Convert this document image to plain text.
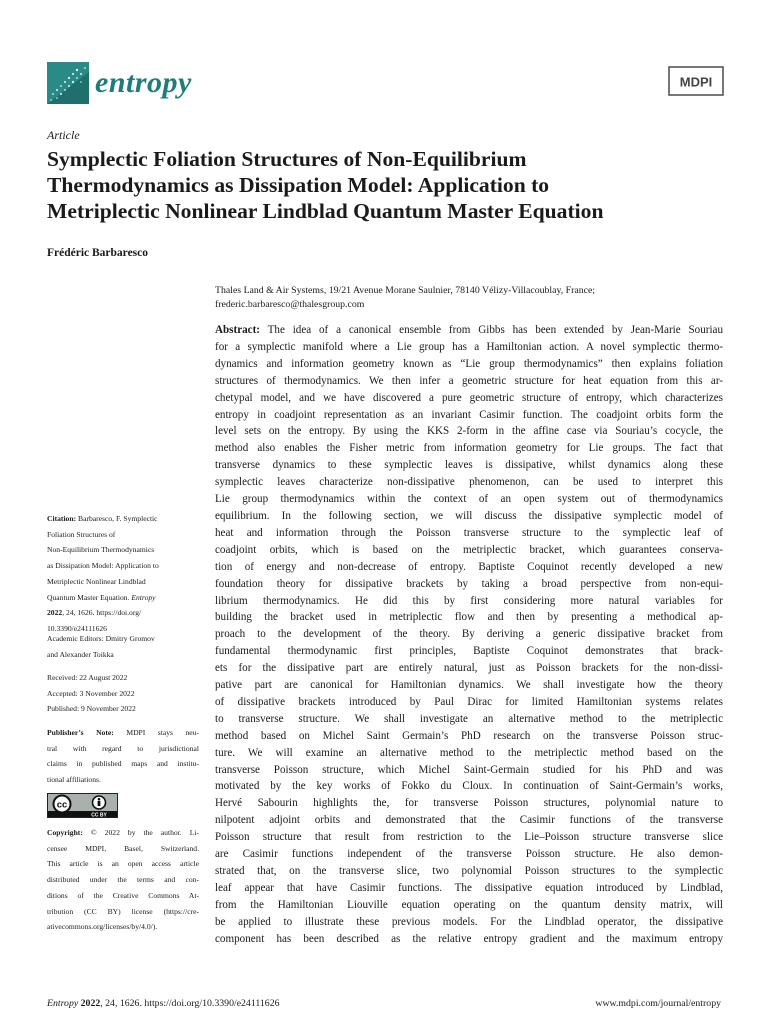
entropy	MDPI
Article
Symplectic Foliation Structures of Non-Equilibrium
Thermodynamics as Dissipation Model: Application to
Metriplectic Nonlinear Lindblad Quantum Master Equation
Frédéric Barbaresco
Thales Land & Air Systems, 19/21 Avenue Morane Saulnier, 78140 Vélizy-Villacoublay, France;
frederic.barbaresco@thalesgroup.com
Abstract: The idea of a canonical ensemble from Gibbs has been extended by Jean-Marie Souriau
for a symplectic manifold where a Lie group has a Hamiltonian action. A novel symplectic thermo-
dynamics and information geometry known as “Lie group thermodynamics” then explains foliation
structures of thermodynamics. We then infer a geometric structure for heat equation from this ar-
chetypal model, and we have discovered a pure geometric structure of entropy, which characterizes
entropy in coadjoint representation as an invariant Casimir function. The coadjoint orbits form the
level sets on the entropy. By using the KKS 2-form in the affine case via Souriau’s cocycle, the
method also enables the Fisher metric from information geometry for Lie groups. The fact that
transverse dynamics to these symplectic leaves is dissipative, whilst dynamics along these
symplectic leaves characterize non-dissipative phenomenon, can be used to interpret this
Lie group thermodynamics within the context of an open system out of thermodynamics
equilibrium. In the following section, we will discuss the dissipative symplectic model of
heat and information through the Poisson transverse structure to the symplectic leaf of
coadjoint orbits, which is based on the metriplectic bracket, which guarantees conserva-
tion of energy and non-decrease of entropy. Baptiste Coquinot recently developed a new
foundation theory for dissipative brackets by taking a broad perspective from non-equi-
librium thermodynamics. He did this by first considering more natural variables for
building the bracket used in metriplectic flow and then by presenting a methodical ap-
proach to the development of the theory. By deriving a generic dissipative bracket from
fundamental thermodynamic first principles, Baptiste Coquinot demonstrates that brack-
ets for the dissipative part are entirely natural, just as Poisson brackets for the non-dissi-
pative part are canonical for Hamiltonian dynamics. We shall investigate how the theory
of dissipative brackets introduced by Paul Dirac for limited Hamiltonian systems relates
to transverse structure. We shall investigate an alternative method to the metriplectic
method based on Michel Saint Germain’s PhD research on the transverse Poisson struc-
ture. We will examine an alternative method to the metriplectic method based on the
transverse Poisson structure, which Michel Saint-Germain studied for his PhD and was
motivated by the key works of Fokko du Cloux. In continuation of Saint-Germain’s works,
Hervé Sabourin highlights the, for transverse Poisson structures, polynomial nature to
nilpotent adjoint orbits and demonstrated that the Casimir functions of the transverse
Poisson structure that result from restriction to the Lie–Poisson structure transverse slice
are Casimir functions independent of the transverse Poisson structure. He also demon-
strated that, on the transverse slice, two polynomial Poisson structures to the symplectic
leaf appear that have Casimir functions. The dissipative equation introduced by Lindblad,
from the Hamiltonian Liouville equation operating on the quantum density matrix, will
be applied to illustrate these previous models. For the Lindblad operator, the dissipative
component has been described as the relative entropy gradient and the maximum entropy
Citation: Barbaresco, F. Symplectic
Foliation Structures of
Non-Equilibrium Thermodynamics
as Dissipation Model: Application to
Metriplectic Nonlinear Lindblad
Quantum Master Equation. Entropy
2022, 24, 1626. https://doi.org/
10.3390/e24111626
Academic Editors: Dmitry Gromov
and Alexander Toikka
Received: 22 August 2022
Accepted: 3 November 2022
Published: 9 November 2022
Publisher’s Note: MDPI stays neu-
tral with regard to jurisdictional
claims in published maps and institu-
tional affiliations.
cc
CC BY
Copyright: © 2022 by the author. Li-
censee MDPI, Basel, Switzerland.
This article is an open access article
distributed under the terms and con-
ditions of the Creative Commons At-
tribution (CC BY) license (https://cre-
ativecommons.org/licenses/by/4.0/).
Entropy 2022, 24, 1626. https://doi.org/10.3390/e24111626	www.mdpi.com/journal/entropy
